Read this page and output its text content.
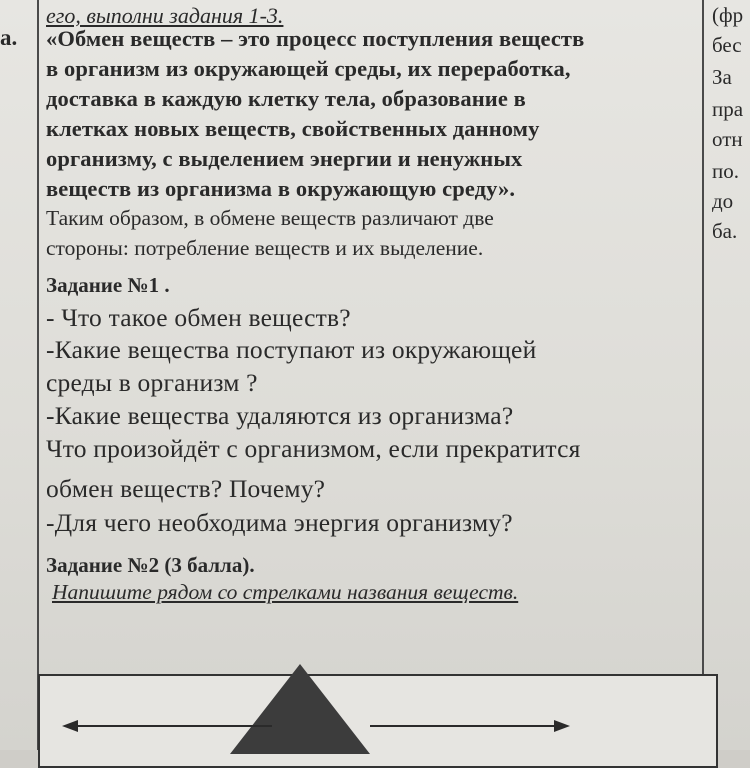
а.
его, выполни задания 1-3.
«Обмен веществ – это процесс поступления веществ
в организм из окружающей среды, их переработка,
доставка в каждую клетку тела, образование в
клетках новых веществ, свойственных данному
организму, с выделением энергии и ненужных
веществ из организма в окружающую среду».
Таким образом, в обмене веществ различают две
стороны: потребление веществ и их выделение.
Задание №1 .
- Что такое обмен веществ?
-Какие вещества поступают из окружающей
среды в организм ?
-Какие вещества удаляются из организма?
Что произойдёт с организмом, если прекратится
обмен веществ? Почему?
-Для чего необходима энергия организму?
Задание №2 (3 балла).
Напишите рядом со стрелками названия веществ.
(фр
бес
За
пра
отн
по.
до
ба.
